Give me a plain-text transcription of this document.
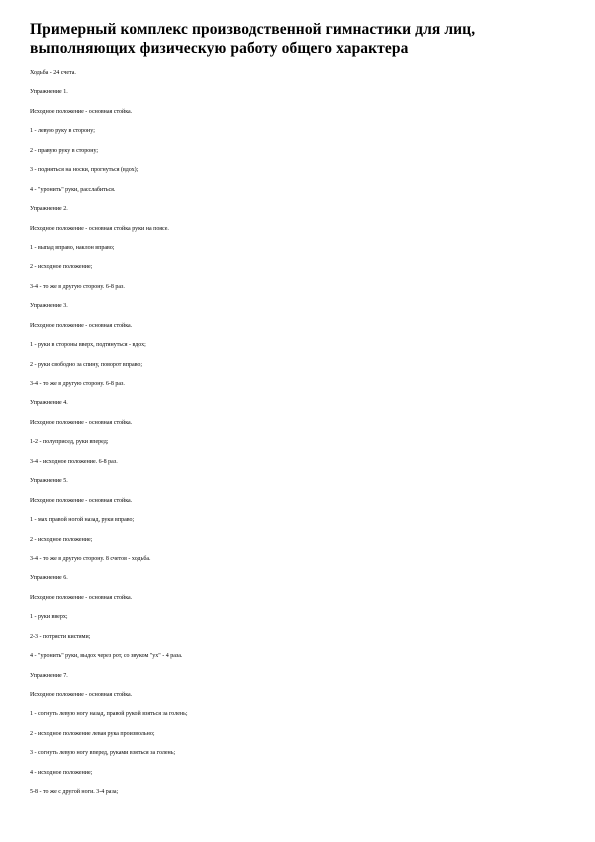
Примерный комплекс производственной гимнастики для лиц, выполняющих физическую работу общего характера
Ходьба - 24 счета.
Упражнение 1.
Исходное положение - основная стойка.
1 - левую руку в сторону;
2 - правую руку в сторону;
3 - подняться на носки, прогнуться (вдох);
4 - "уронить" руки, расслабиться.
Упражнение 2.
Исходное положение - основная стойка руки на поясе.
1 - выпад вправо, наклон вправо;
2 - исходное положение;
3-4 - то же в другую сторону. 6-8 раз.
Упражнение 3.
Исходное положение - основная стойка.
1 - руки в стороны вверх, подтянуться - вдох;
2 - руки свободно за спину, поворот вправо;
3-4 - то же в другую сторону. 6-8 раз.
Упражнение 4.
Исходное положение - основная стойка.
1-2 - полуприсед, руки вперед;
3-4 - исходное положение. 6-8 раз.
Упражнение 5.
Исходное положение - основная стойка.
1 - мах правой ногой назад, руки вправо;
2 - исходное положение;
3-4 - то же в другую сторону. 8 счетов - ходьба.
Упражнение 6.
Исходное положение - основная стойка.
1 - руки вверх;
2-3 - потрясти кистями;
4 - "уронить" руки, выдох через рот, со звуком "ух" - 4 раза.
Упражнение 7.
Исходное положение - основная стойка.
1 - согнуть левую ногу назад, правой рукой взяться за голень;
2 - исходное положение левая рука произвольно;
3 - согнуть левую ногу вперед, руками взяться за голень;
4 - исходное положение;
5-8 - то же с другой ноги. 3-4 раза;
